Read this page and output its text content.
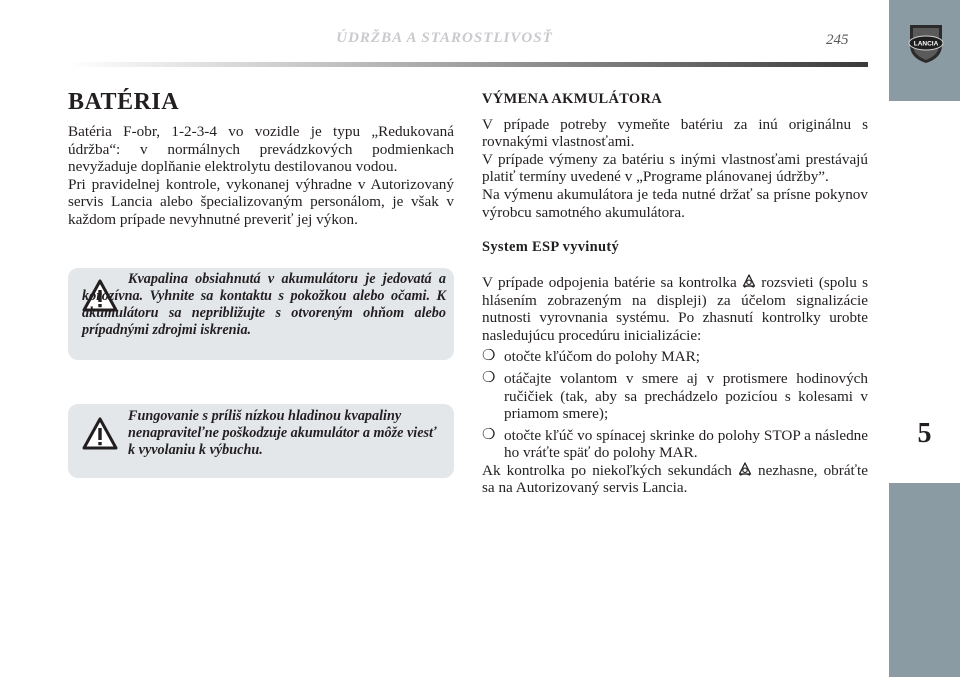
ÚDRŽBA A STAROSTLIVOSŤ	245
5
LANCIA
BATÉRIA

Batéria F-obr, 1-2-3-4 vo vozidle je typu „Redukovaná údržba“: v normálnych prevádzkových podmienkach nevyžaduje doplňanie elektrolytu destilovanou vodou.

Pri pravidelnej kontrole, vykonanej výhradne v Autorizovaný servis Lancia alebo špecializovaným personálom, je však v každom prípade nevyhnutné preveriť jej výkon.

Kvapalina obsiahnutá v akumulátoru je jedovatá a korozívna. Vyhnite sa kontaktu s pokožkou alebo očami. K akumulátoru sa nepribližujte s otvoreným ohňom alebo prípadnými zdrojmi iskrenia.
Fungovanie s príliš nízkou hladinou kvapaliny nenapraviteľne poškodzuje akumulátor a môže viesť k vyvolaniu k výbuchu.
VÝMENA AKMULÁTORA
V prípade potreby vymeňte batériu za inú originálnu s rovnakými vlastnosťami.
V prípade výmeny za batériu s inými vlastnosťami prestávajú platiť termíny uvedené v „Programe plánovanej údržby”.
Na výmenu akumulátora je teda nutné držať sa prísne pokynov výrobcu samotného akumulátora.
System ESP vyvinutý
V prípade odpojenia batérie sa kontrolka rozsvieti (spolu s hlásením zobrazeným na displeji) za účelom signalizácie nutnosti vyrovnania systému. Po zhasnutí kontrolky urobte nasledujúcu procedúru inicializácie:
❍ otočte kľúčom do polohy MAR;
❍ otáčajte volantom v smere aj v protismere hodinových ručičiek (tak, aby sa prechádzelo pozicíou s kolesami v priamom smere);
❍ otočte kľúč vo spínacej skrinke do polohy STOP a následne ho vráťte späť do polohy MAR.
Ak kontrolka po niekoľkých sekundách nezhasne, obráťte sa na Autorizovaný servis Lancia.
